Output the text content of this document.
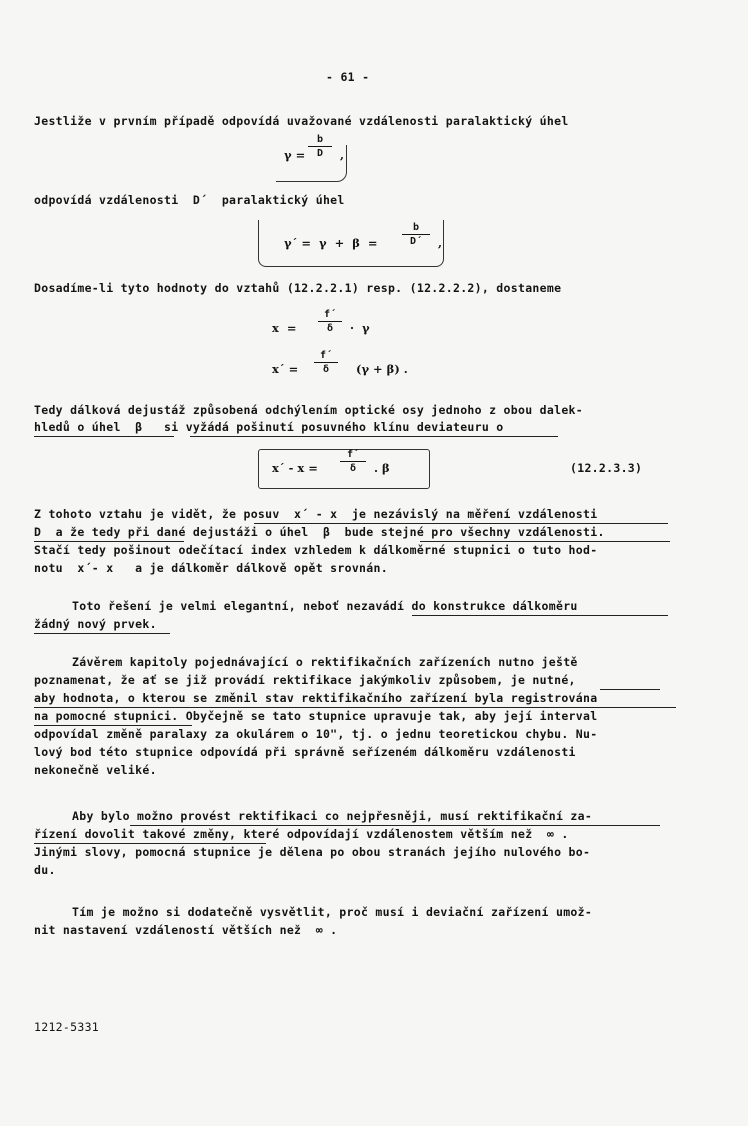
- 61 -
Jestliže v prvním případě odpovídá uvažované vzdálenosti paralaktický úhel
γ =
b
D ,
odpovídá vzdálenosti  D´  paralaktický úhel
γ´ =  γ  +  β  =
b
D´ ,
Dosadíme-li tyto hodnoty do vztahů (12.2.2.1) resp. (12.2.2.2), dostaneme
x  =
f´
δ ·  γ
x´ =
f´
δ (γ + β) .
Tedy dálková dejustáž způsobená odchýlením optické osy jednoho z obou dalek-
hledů o úhel  β   si vyžádá pošinutí posuvného klínu deviateuru o
x´ - x =
f´
δ . β	(12.2.3.3)
Z tohoto vztahu je vidět, že posuv  x´ - x  je nezávislý na měření vzdálenosti
D  a že tedy při dané dejustáži o úhel  β  bude stejné pro všechny vzdálenosti.
Stačí tedy pošinout odečítací index vzhledem k dálkoměrné stupnici o tuto hod-
notu  x´- x   a je dálkoměr dálkově opět srovnán.
Toto řešení je velmi elegantní, neboť nezavádí do konstrukce dálkoměru
žádný nový prvek.
Závěrem kapitoly pojednávající o rektifikačních zařízeních nutno ještě
poznamenat, že ať se již provádí rektifikace jakýmkoliv způsobem, je nutné,
aby hodnota, o kterou se změnil stav rektifikačního zařízení byla registrována
na pomocné stupnici. Obyčejně se tato stupnice upravuje tak, aby její interval
odpovídal změně paralaxy za okulárem o 10", tj. o jednu teoretickou chybu. Nu-
lový bod této stupnice odpovídá při správně seřízeném dálkoměru vzdálenosti
nekonečně veliké.
Aby bylo možno provést rektifikaci co nejpřesněji, musí rektifikační za-
řízení dovolit takové změny, které odpovídají vzdálenostem větším než  ∞ .
Jinými slovy, pomocná stupnice je dělena po obou stranách jejího nulového bo-
du.
Tím je možno si dodatečně vysvětlit, proč musí i deviační zařízení umož-
nit nastavení vzdáleností větších než  ∞ .
1212-5331
